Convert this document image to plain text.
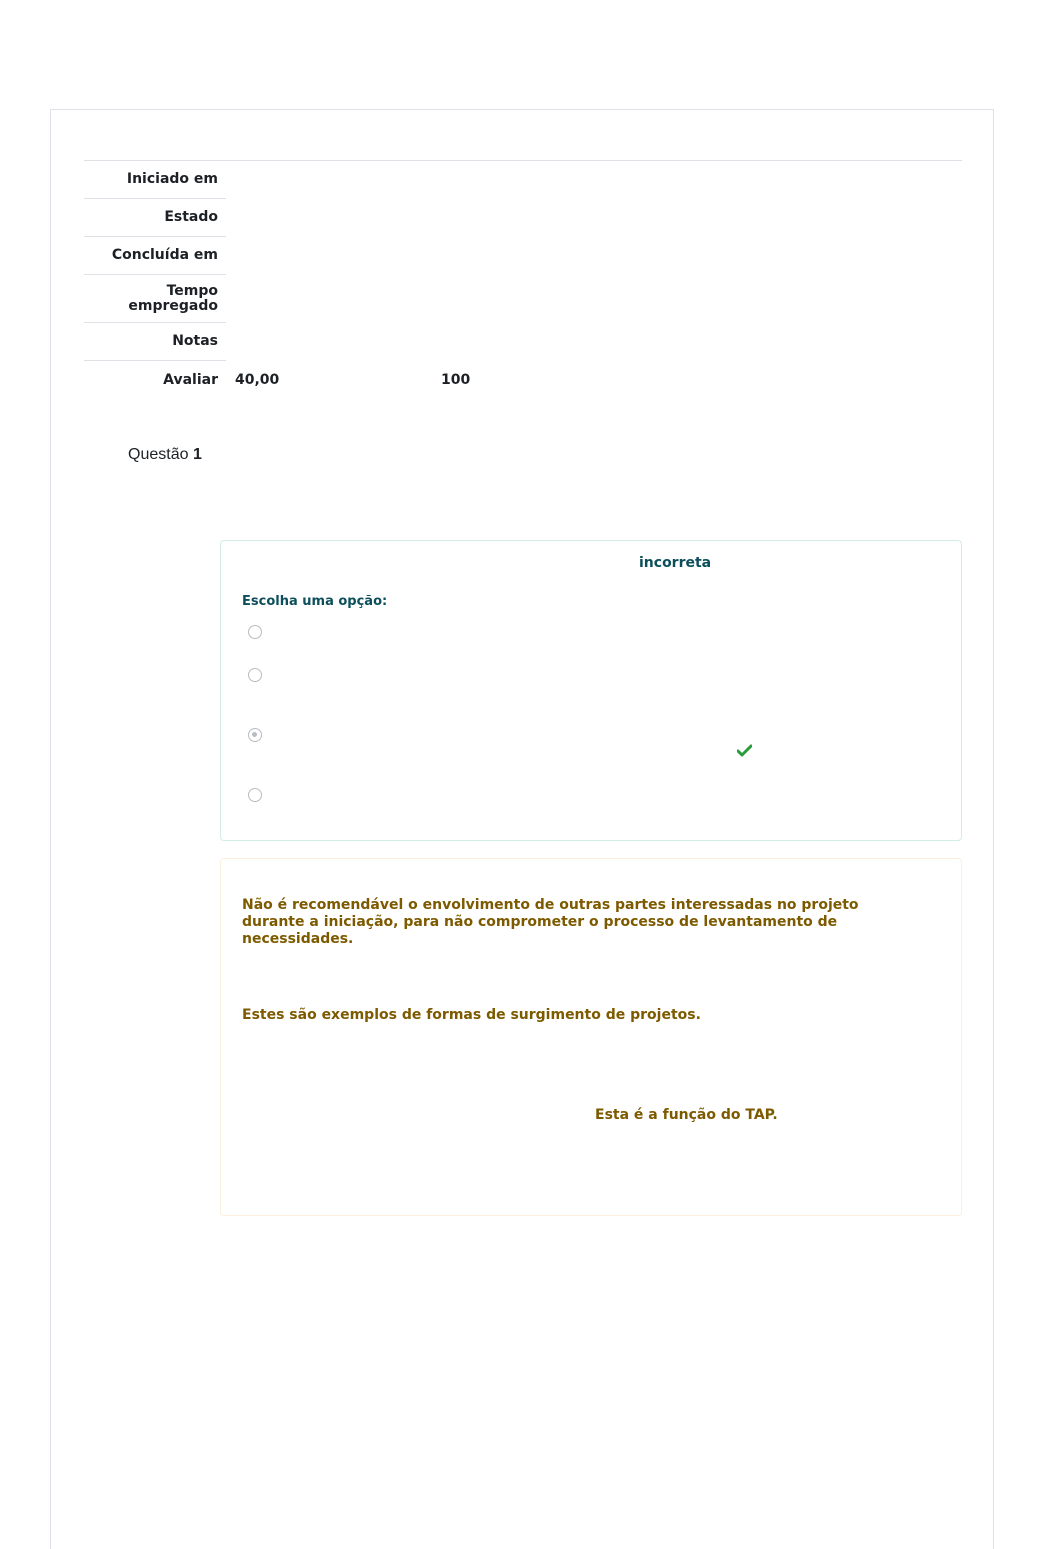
Iniciado em
Estado
Concluída em
Tempo empregado
Notas
Avaliar	40,00	100
Questão 1
incorreta
Escolha uma opção:
Não é recomendável o envolvimento de outras partes interessadas no projeto durante a iniciação, para não comprometer o processo de levantamento de necessidades.
Estes são exemplos de formas de surgimento de projetos.
Esta é a função do TAP.
